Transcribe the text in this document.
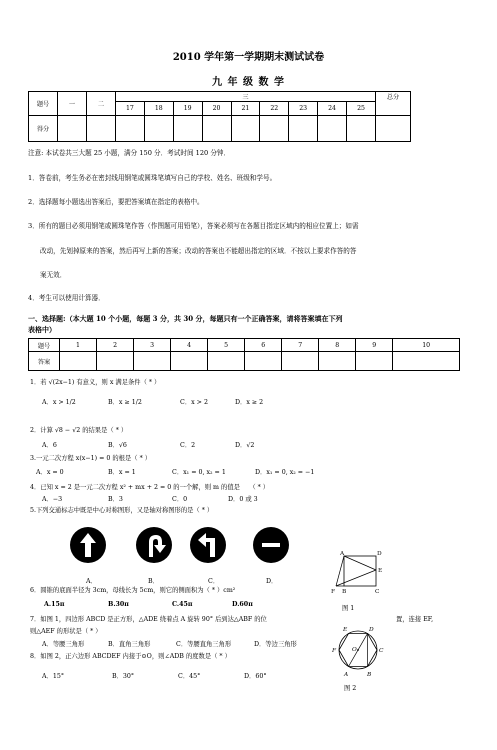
2010 学年第一学期期末测试试卷
九 年 级 数 学
题号	一	二	三									总分
			17	18	19	20	21	22	23	24	25	
得分												
注意: 本试卷共三大题 25 小题，满分 150 分．考试时间 120 分钟．
1．答卷前，考生务必在密封线用钢笔或圆珠笔填写自己的学校、姓名、班级和学号。
2．选择题每小题选出答案后，要把答案填在指定的表格中。
3．所有的题目必须用钢笔或圆珠笔作答（作图题可用铅笔），答案必须写在各题目指定区域内的相应位置上；如需
改动，先划掉原来的答案，然后再写上新的答案；改动的答案也不能超出指定的区域．不按以上要求作答的答
案无效．
4．考生可以使用计算器．
一、选择题:（本大题 10 个小题，每题 3 分，共 30 分，每题只有一个正确答案，请将答案填在下列
表格中）
题号	1	2	3	4	5	6	7	8	9	10
答案										
1．若 √(2x−1) 有意义，则 x 满足条件（ * ）
A．x > 1/2	B．x ≥ 1/2	C．x > 2	D．x ≥ 2
2．计算 √8 − √2 的结果是（ * ）
A．6	B．√6	C．2	D．√2
3.一元二次方程 x(x−1) = 0 的根是（ * ）
A．x = 0	B．x = 1	C．x₁ = 0, x₂ = 1	D．x₁ = 0, x₂ = −1
4．已知 x = 2 是一元二次方程 x² + mx + 2 = 0 的一个解，则 m 的值是　　（ * ）
A．−3	B．3	C．0	D．0 或 3
5.下列交通标志中既是中心对称图形，又是轴对称图形的是（ * ）
A．	B．	C．	D．
6．圆锥的底面半径为 3cm，母线长为 5cm，则它的侧面积为（ * ）cm²
A.15π	B.30π	C.45π	D.60π
7．如图 1，四边形 ABCD 是正方形，△ADE 绕着点 A 旋转 90° 后到达△ABF 的位	置，连接 EF,
则△AEF 的形状是（ * ）
A．等腰三角形	B．直角三角形	C．等腰直角三角形	D．等边三角形
8．如图 2，正六边形 ABCDEF 内接于⊙O，则∠ADB 的度数是（ * ）
A．15°	B．30°	C．45°	D．60°
A	D
E
F B	C
图 1
E	D
F	O	C
A	B
图 2
